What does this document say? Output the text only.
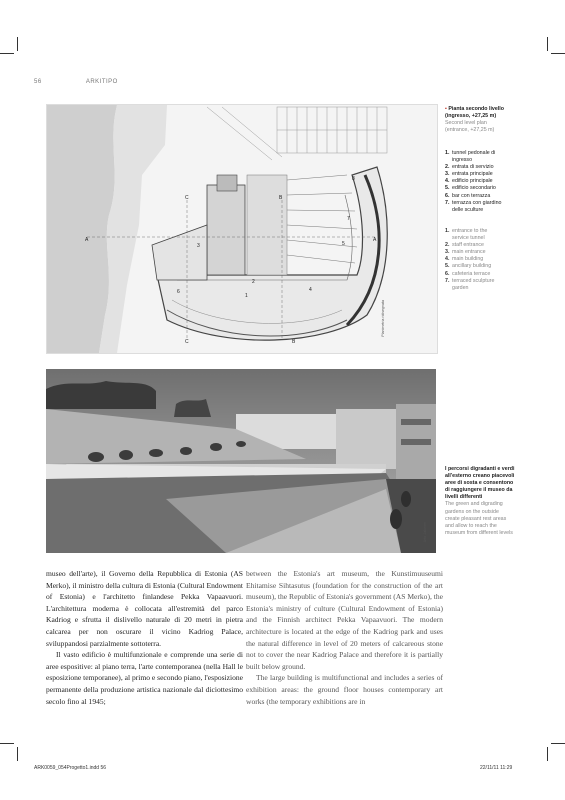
56	ARKITIPO
A	A
B
B
C
C
1
2
3
4
5
6
7
8
Planimetria ridisegnata
▪ Pianta secondo livello
(ingresso, +27,25 m)
Second level plan
(entrance, +27,25 m)
1. tunnel pedonale di ingresso
2. entrata di servizio
3. entrata principale
4. edificio principale
5. edificio secondario
6. bar con terrazza
7. terrazza con giardino delle sculture
1. entrance to the service tunnel
2. staff entrance
3. main entrance
4. main building
5. ancillary building
6. cafeteria terrace
7. terraced sculpture garden
Arto Jalonen
I percorsi digradanti e verdi all'esterno creano piacevoli aree di sosta e consentono di raggiungere il museo da livelli differenti
The green and digrading gardens on the outside create pleasant rest areas and allow to reach the museum from different levels

museo dell'arte), il Governo della Repubblica di Estonia (AS Merko), il ministro della cultura di Estonia (Cultural Endowment of Estonia) e l'architetto finlandese Pekka Vapaavuori. L'architettura moderna è collocata all'estremità del parco Kadriog e sfrutta il dislivello naturale di 20 metri in pietra calcarea per non oscurare il vicino Kadriog Palace, sviluppandosi parzialmente sottoterra.

Il vasto edificio è multifunzionale e comprende una serie di aree espositive: al piano terra, l'arte contemporanea (nella Hall le esposizione temporanee), al primo e secondo piano, l'esposizione permanente della produzione artistica nazionale dal diciottesimo secolo fino al 1945;

between the Estonia's art museum, the Kunstimuuseumi Ehitamise Sihtasutus (foundation for the construction of the art museum), the Republic of Estonia's government (AS Merko), the Estonia's ministry of culture (Cultural Endowment of Estonia) and the Finnish architect Pekka Vapaavuori. The modern architecture is located at the edge of the Kadriog park and uses the natural difference in level of 20 meters of calcareous stone not to cover the near Kadriog Palace and therefore it is partially built below ground.

The large building is multifunctional and includes a series of exhibition areas: the ground floor houses contemporary art works (the temporary exhibitions are in

ARK0059_054Progetto1.indd 56	22/11/11 11:29
